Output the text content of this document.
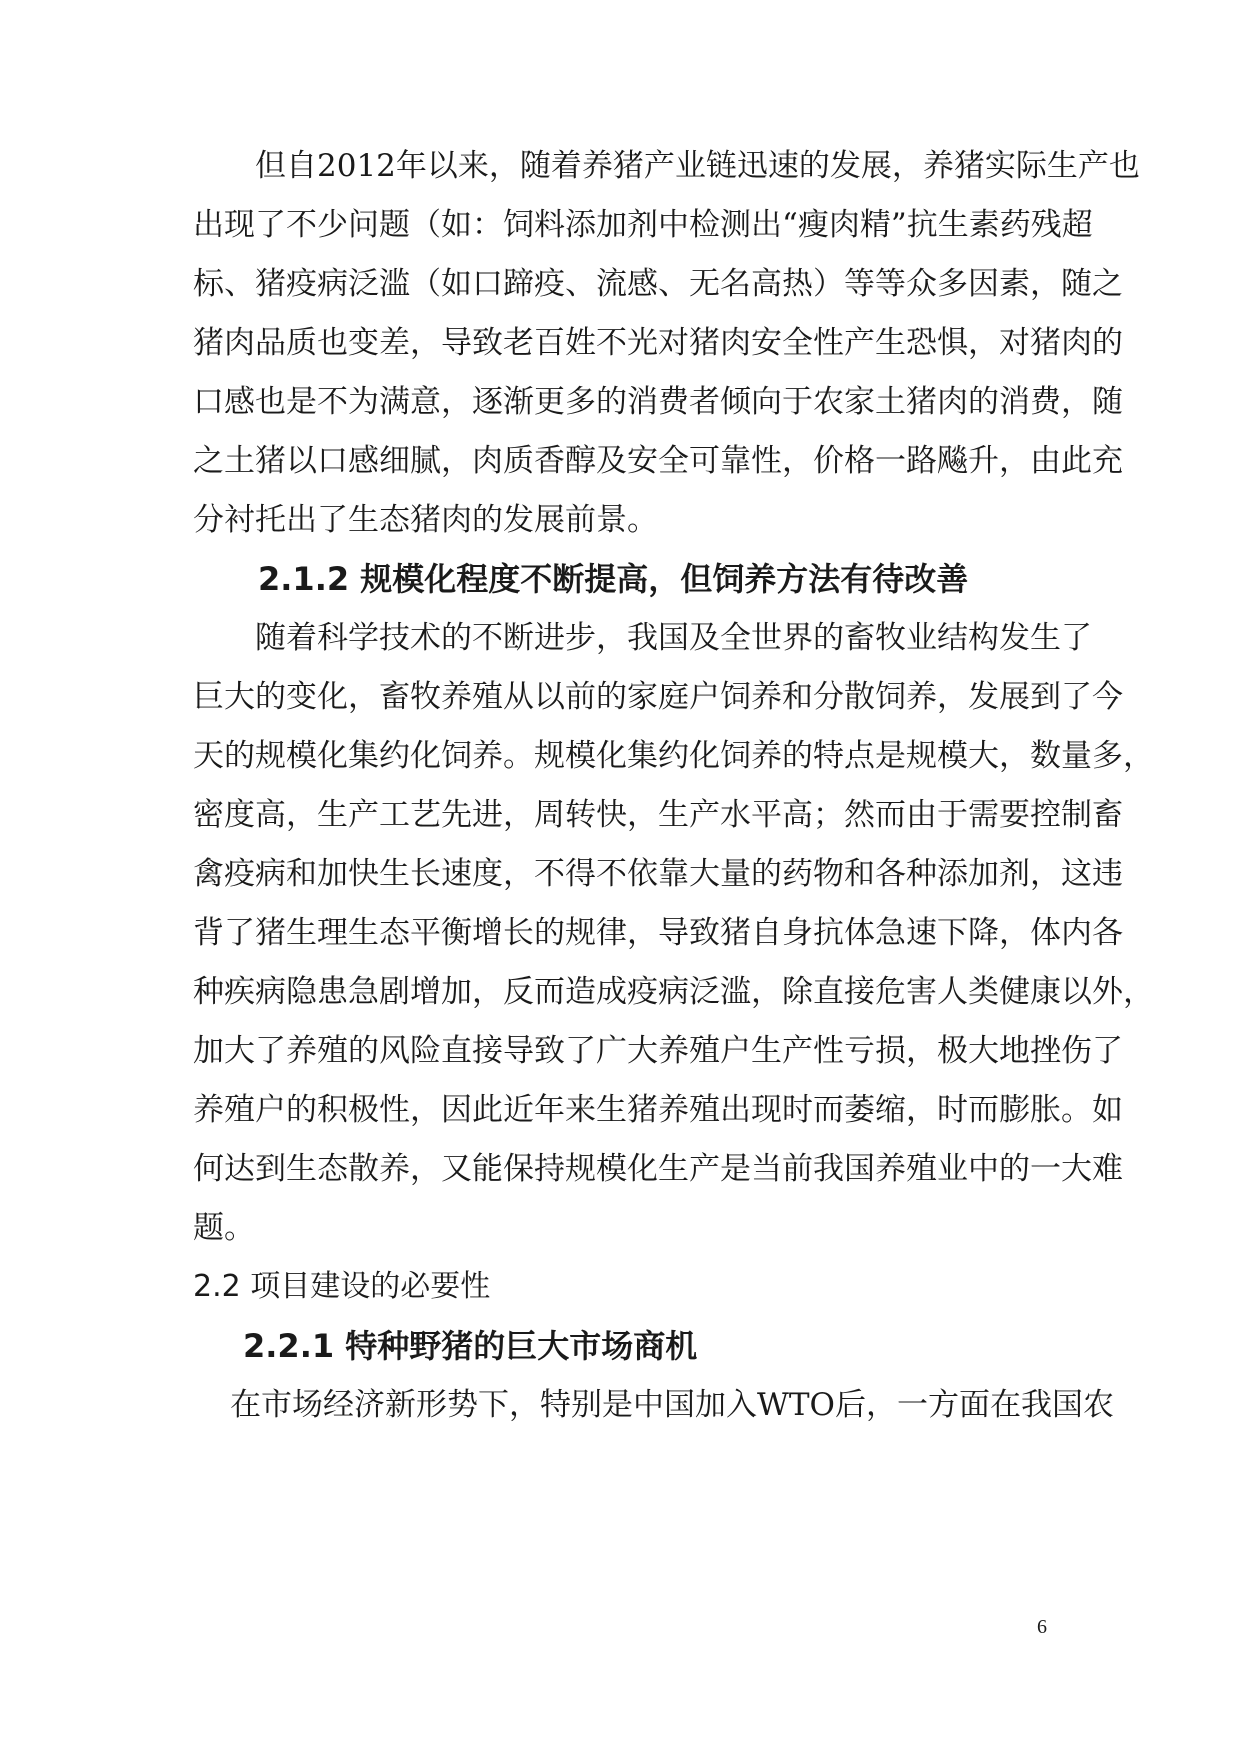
但自2012年以来，随着养猪产业链迅速的发展，养猪实际生产也
出现了不少问题（如：饲料添加剂中检测出“瘦肉精”抗生素药残超
标、猪疫病泛滥（如口蹄疫、流感、无名高热）等等众多因素，随之
猪肉品质也变差，导致老百姓不光对猪肉安全性产生恐惧，对猪肉的
口感也是不为满意，逐渐更多的消费者倾向于农家土猪肉的消费，随
之土猪以口感细腻，肉质香醇及安全可靠性，价格一路飚升，由此充
分衬托出了生态猪肉的发展前景。
2.1.2 规模化程度不断提高，但饲养方法有待改善
随着科学技术的不断进步，我国及全世界的畜牧业结构发生了
巨大的变化，畜牧养殖从以前的家庭户饲养和分散饲养，发展到了今
天的规模化集约化饲养。规模化集约化饲养的特点是规模大，数量多，
密度高，生产工艺先进，周转快，生产水平高；然而由于需要控制畜
禽疫病和加快生长速度，不得不依靠大量的药物和各种添加剂，这违
背了猪生理生态平衡增长的规律，导致猪自身抗体急速下降，体内各
种疾病隐患急剧增加，反而造成疫病泛滥，除直接危害人类健康以外，
加大了养殖的风险直接导致了广大养殖户生产性亏损，极大地挫伤了
养殖户的积极性，因此近年来生猪养殖出现时而萎缩，时而膨胀。如
何达到生态散养，又能保持规模化生产是当前我国养殖业中的一大难
题。
2.2 项目建设的必要性
2.2.1 特种野猪的巨大市场商机
在市场经济新形势下，特别是中国加入WTO后，一方面在我国农
6
